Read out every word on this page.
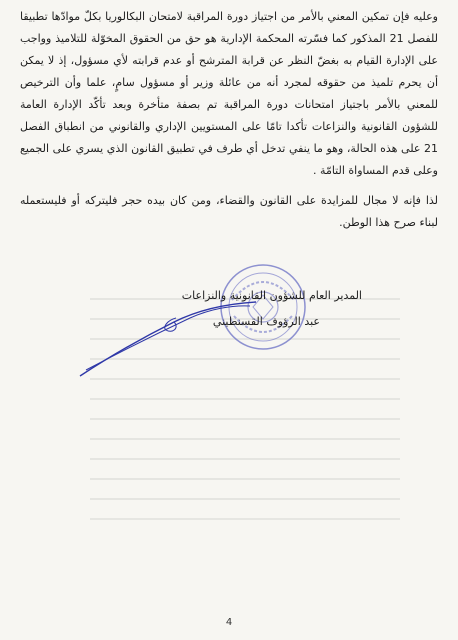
وعليه فإن تمكين المعني بالأمر من اجتياز دورة المراقبة لامتحان البكالوريا بكلّ موادّها تطبيقا للفصل 21 المذكور كما فسّرته المحكمة الإدارية هو حق من الحقوق المخوّلة للتلاميذ وواجب على الإدارة القيام به بغضّ النظر عن قرابة المترشح أو عدم قرابته لأي مسؤول، إذ لا يمكن أن يحرم تلميذ من حقوقه لمجرد أنه من عائلة وزير أو مسؤول سامٍ، علما وأن الترخيص للمعني بالأمر باجتياز امتحانات دورة المراقبة تم بصفة متأخرة وبعد تأكّد الإدارة العامة للشؤون القانونية والنزاعات تأكدا تامّا على المستويين الإداري والقانوني من انطباق الفصل 21 على هذه الحالة، وهو ما ينفي تدخل أي طرف في تطبيق القانون الذي يسري على الجميع وعلى قدم المساواة التامّة .

لذا فإنه لا مجال للمزايدة على القانون والقضاء، ومن كان بيده حجر فليتركه أو فليستعمله لبناء صرح هذا الوطن.

المدير العام للشؤون القانونية والنزاعات
عبد الرؤوف القسنطيني
4
